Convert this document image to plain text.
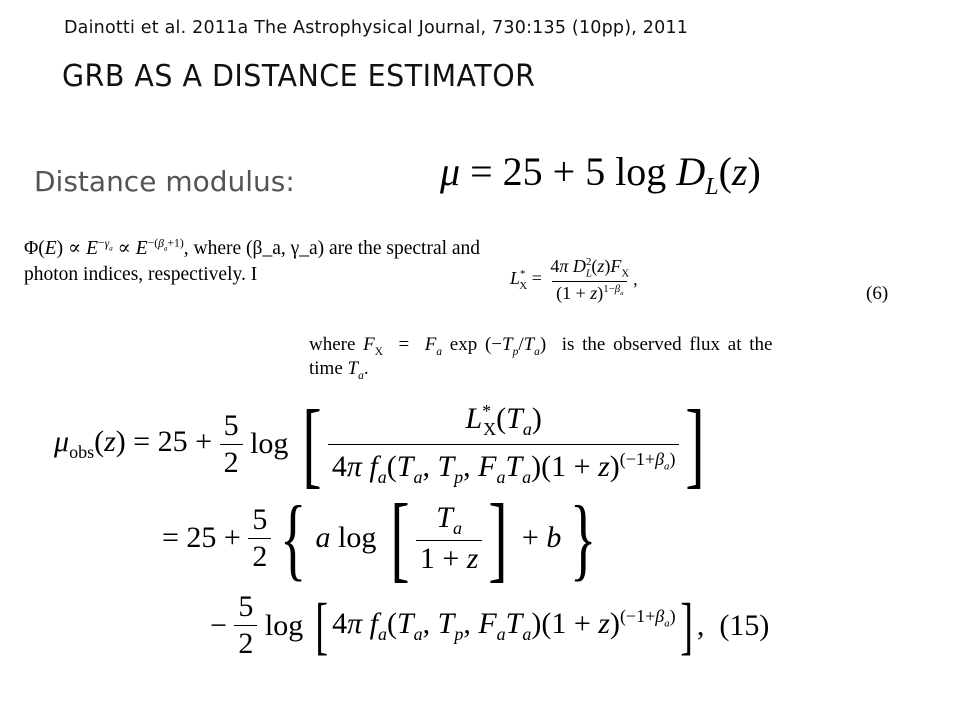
Dainotti et al. 2011a The Astrophysical Journal, 730:135 (10pp), 2011
GRB AS A DISTANCE ESTIMATOR
Distance modulus:	μ = 25 + 5 $\log D_L(z)$
$\Phi(E) \propto E^{-\gamma_a} \propto E^{-(\beta_a+1)}$, where (β_a, γ_a) are the spectral and
photon indices, respectively. I	$L^*_X = \frac{4\pi D_L^2(z)F_X}{(1 + z)^{1-\beta_a}}$ ,
(6)
where $F_X = F_a$ $\exp (-T_p/T_a)$  is the observed flux at the
time $T_a$.
$\mu_{obs}(z) = 25 + \frac{5}{2}$ log [ $\frac{L^*_X(T_a)}{4\pi f_a(T_a, T_p, F_aT_a)(1 + z)^{(-1+\beta_a)}}$ ]
= $25 + \frac{5}{2}$ { a log [ $\frac{T_a}{1 + z}$ ] + b }
− $\frac{5}{2}$ log [ 4π $f_a(T_a$, $T_p$, $F_aT_a)(1 + z)^{(-1+\beta_a)}$ ] , (15)
